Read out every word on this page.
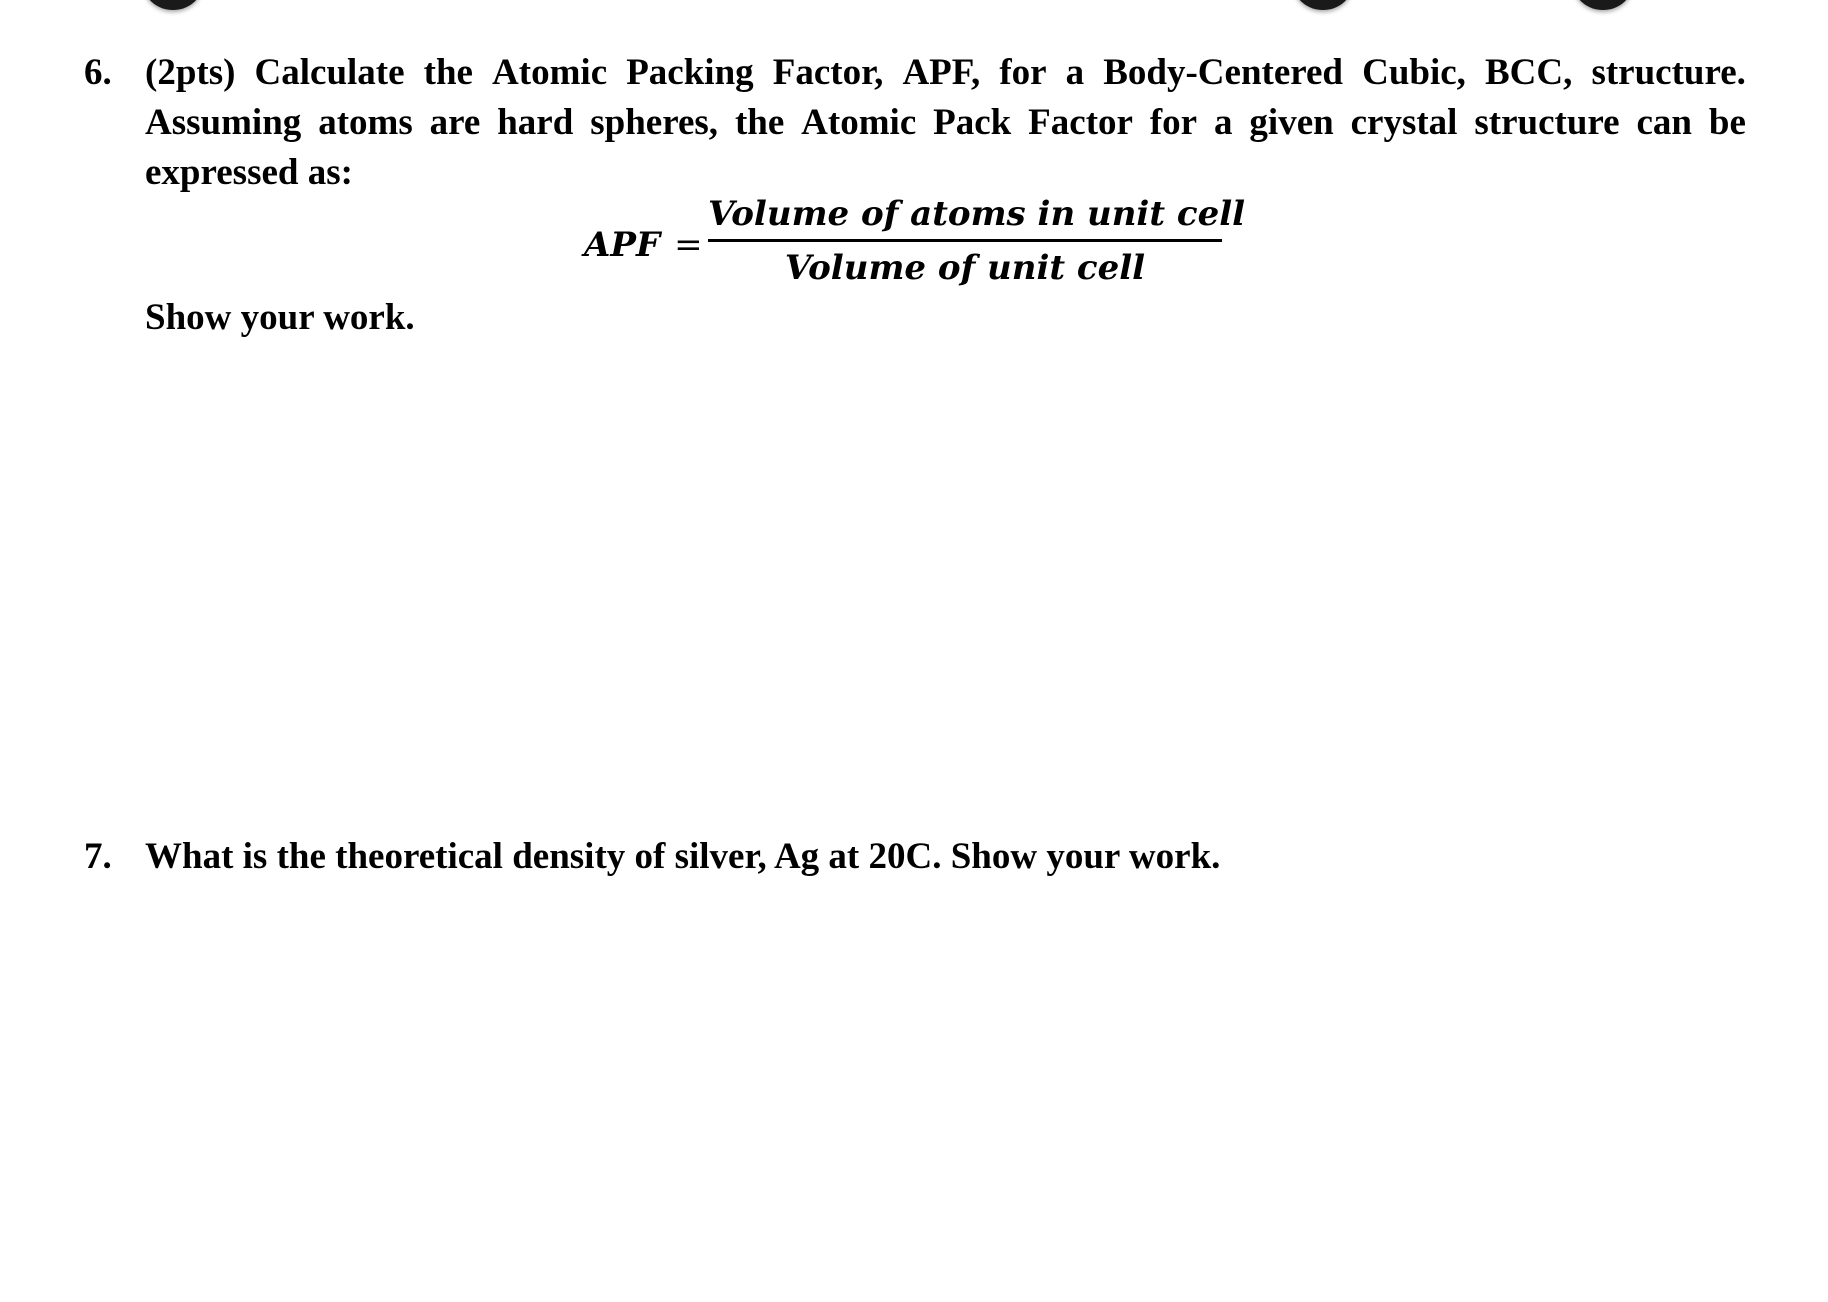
6. (2pts) Calculate the Atomic Packing Factor, APF, for a Body-Centered Cubic, BCC, structure.
Assuming atoms are hard spheres, the Atomic Pack Factor for a given crystal structure can be
expressed as:
APF =
Volume of atoms in unit cell
Volume of unit cell
Show your work.
7. What is the theoretical density of silver, Ag at 20C. Show your work.
